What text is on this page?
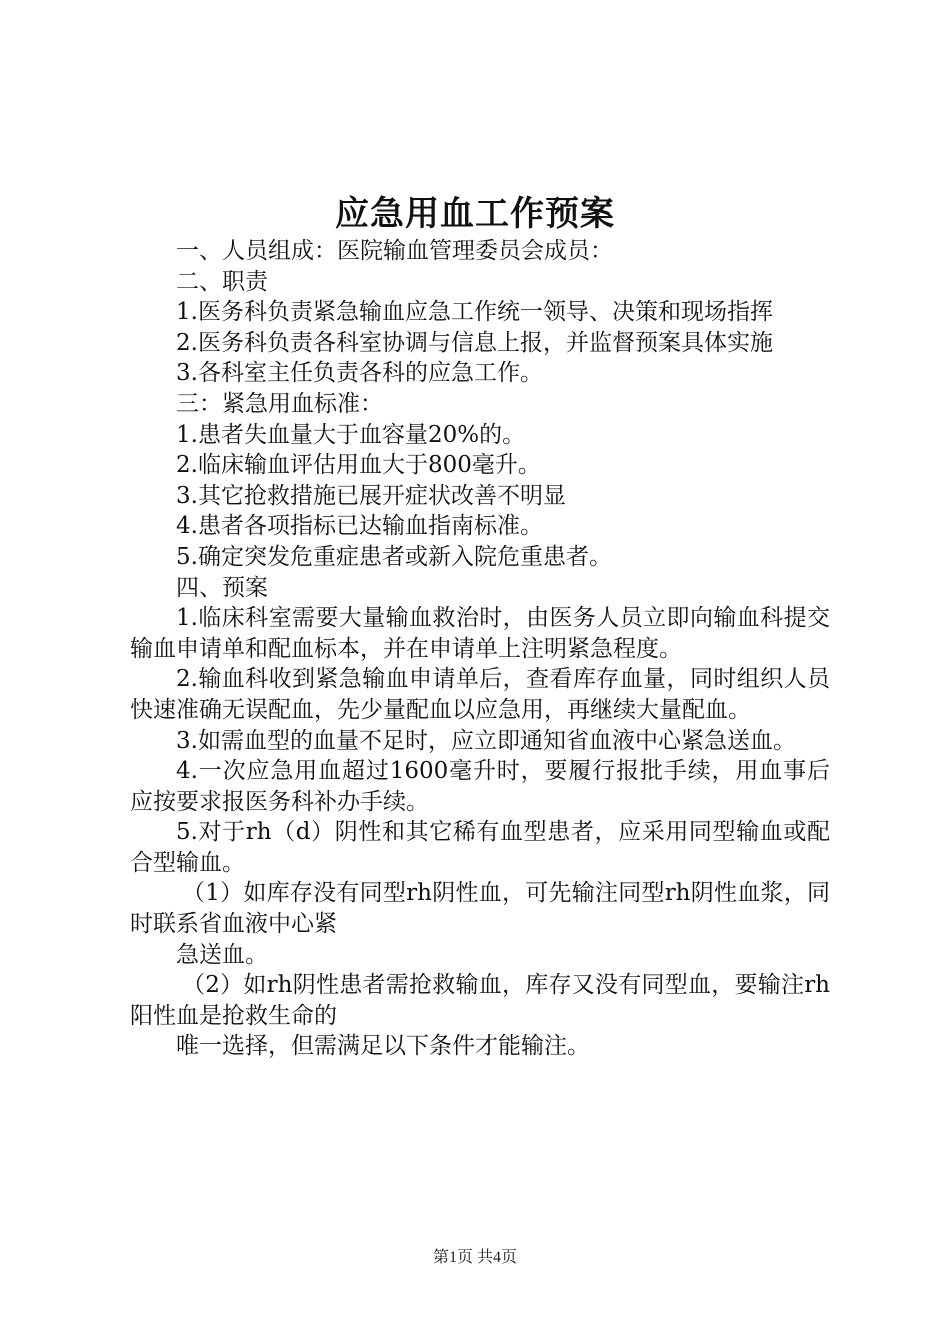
应急用血工作预案

一、人员组成：医院输血管理委员会成员：

二、职责

1.医务科负责紧急输血应急工作统一领导、决策和现场指挥

2.医务科负责各科室协调与信息上报，并监督预案具体实施

3.各科室主任负责各科的应急工作。

三：紧急用血标准：

1.患者失血量大于血容量20%的。

2.临床输血评估用血大于800毫升。

3.其它抢救措施已展开症状改善不明显

4.患者各项指标已达输血指南标准。

5.确定突发危重症患者或新入院危重患者。

四、预案

1.临床科室需要大量输血救治时，由医务人员立即向输血科提交输血申请单和配血标本，并在申请单上注明紧急程度。

2.输血科收到紧急输血申请单后，查看库存血量，同时组织人员快速准确无误配血，先少量配血以应急用，再继续大量配血。

3.如需血型的血量不足时，应立即通知省血液中心紧急送血。

4.一次应急用血超过1600毫升时，要履行报批手续，用血事后应按要求报医务科补办手续。

5.对于rh（d）阴性和其它稀有血型患者，应采用同型输血或配合型输血。

（1）如库存没有同型rh阴性血，可先输注同型rh阴性血浆，同时联系省血液中心紧

急送血。

（2）如rh阴性患者需抢救输血，库存又没有同型血，要输注rh阳性血是抢救生命的

唯一选择，但需满足以下条件才能输注。

第1页 共4页
